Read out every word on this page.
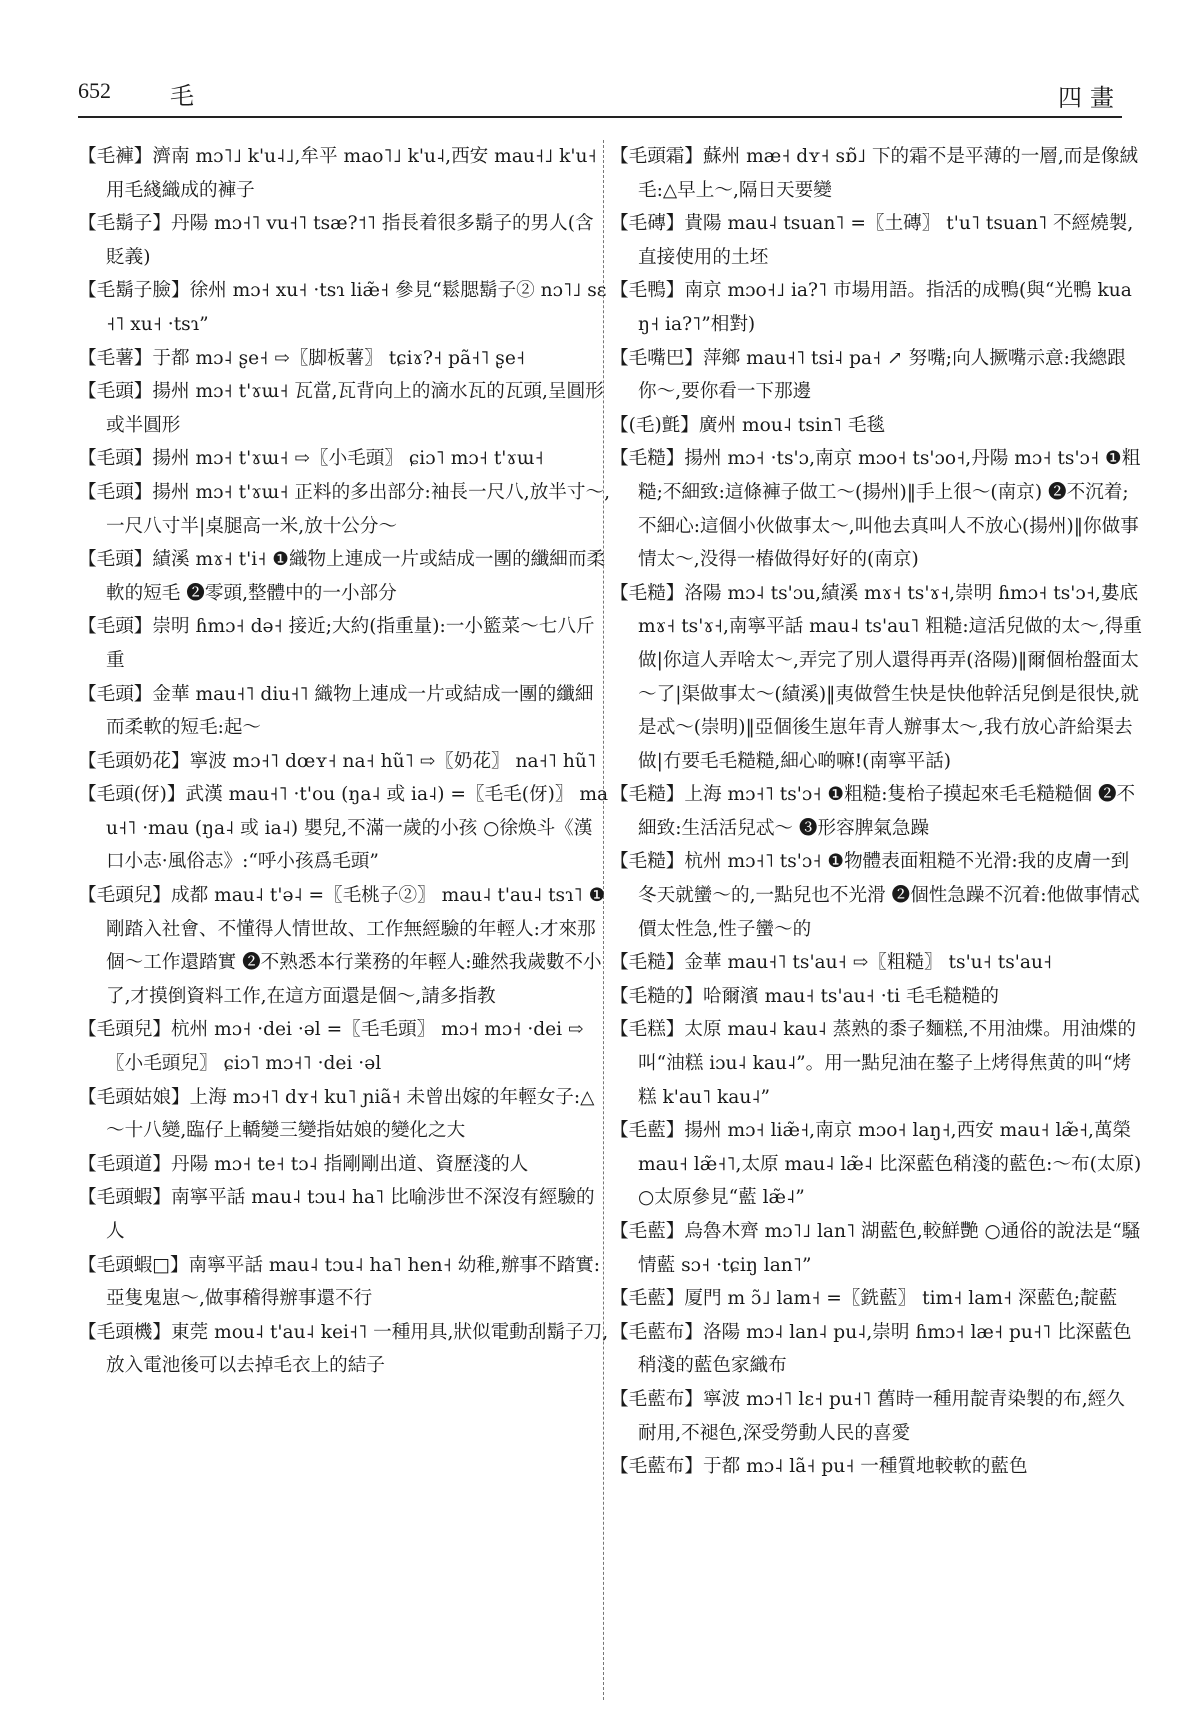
652 毛	四畫
【毛褲】濟南 mɔ˥˩ k'u˨˩,牟平 mao˥˩ k'u˨,西安 mau˧˩ k'u˧ 用毛綫織成的褲子
【毛鬍子】丹陽 mɔ˧˥ vu˧˥ tsæ?˦˥ 指長着很多鬍子的男人(含貶義)
【毛鬍子臉】徐州 mɔ˧ xu˧ ·tsɿ liæ̃˧ 參見“鬆腮鬍子② nɔ˥˩ sɛ˧˥ xu˧ ·tsɿ”
【毛薯】于都 mɔ˨ ʂe˧ ⇨〖脚板薯〗 tɕiɤ?˧ pã˧˥ ʂe˧
【毛頭】揚州 mɔ˧ t'ɤɯ˧ 瓦當,瓦背向上的滴水瓦的瓦頭,呈圓形或半圓形
【毛頭】揚州 mɔ˧ t'ɤɯ˧ ⇨〖小毛頭〗 ɕiɔ˥ mɔ˧ t'ɤɯ˧
【毛頭】揚州 mɔ˧ t'ɤɯ˧ 正料的多出部分:袖長一尺八,放半寸～,一尺八寸半|桌腿高一米,放十公分～
【毛頭】績溪 mɤ˧ t'i˧ ❶織物上連成一片或結成一團的纖細而柔軟的短毛 ❷零頭,整體中的一小部分
【毛頭】崇明 ɦmɔ˧ də˧ 接近;大約(指重量):一小籃菜～七八斤重
【毛頭】金華 mau˧˥ diu˧˥ 織物上連成一片或結成一團的纖細而柔軟的短毛:起～
【毛頭奶花】寧波 mɔ˧˥ dœʏ˧ na˧ hũ˥ ⇨〖奶花〗 na˧˥ hũ˥
【毛頭(伢)】武漢 mau˧˥ ·t'ou (ŋa˨ 或 ia˨) =〖毛毛(伢)〗 mau˧˥ ·mau (ŋa˨ 或 ia˨) 嬰兒,不滿一歲的小孩 ○徐焕斗《漢口小志·風俗志》:“呼小孩爲毛頭”
【毛頭兒】成都 mau˨ t'ə˨ =〖毛桃子②〗 mau˨ t'au˨ tsɿ˥ ❶剛踏入社會、不懂得人情世故、工作無經驗的年輕人:才來那個～工作還踏實 ❷不熟悉本行業務的年輕人:雖然我歲數不小了,才摸倒資料工作,在這方面還是個～,請多指教
【毛頭兒】杭州 mɔ˧ ·dei ·əl =〖毛毛頭〗 mɔ˧ mɔ˧ ·dei ⇨〖小毛頭兒〗 ɕiɔ˥ mɔ˧˥ ·dei ·əl
【毛頭姑娘】上海 mɔ˧˥ dʏ˧ ku˥ ɲiã˧ 未曾出嫁的年輕女子:△～十八變,臨仔上轎變三變指姑娘的變化之大
【毛頭道】丹陽 mɔ˧ te˧ tɔ˨ 指剛剛出道、資歷淺的人
【毛頭蝦】南寧平話 mau˨ tɔu˨ ha˥ 比喻涉世不深沒有經驗的人
【毛頭蝦□】南寧平話 mau˨ tɔu˨ ha˥ hen˧ 幼稚,辦事不踏實:亞隻鬼崽～,做事稽得辦事還不行
【毛頭機】東莞 mou˨ t'au˨ kei˧˥ 一種用具,狀似電動刮鬍子刀,放入電池後可以去掉毛衣上的結子
【毛頭霜】蘇州 mæ˧ dʏ˧ sɒ̃˩ 下的霜不是平薄的一層,而是像絨毛:△早上～,隔日天要變
【毛磚】貴陽 mau˨ tsuan˥ =〖土磚〗 t'u˥ tsuan˥ 不經燒製,直接使用的土坯
【毛鴨】南京 mɔo˧˩ ia?˥ 市場用語。指活的成鴨(與“光鴨 kuaŋ˧ ia?˥”相對)
【毛嘴巴】萍鄉 mau˧˥ tsi˨ pa˧ ↗ 努嘴;向人撅嘴示意:我總跟你～,要你看一下那邊
【(毛)氈】廣州 mou˨ tsin˥ 毛毯
【毛糙】揚州 mɔ˧ ·ts'ɔ,南京 mɔo˧ ts'ɔo˧,丹陽 mɔ˧ ts'ɔ˧ ❶粗糙;不細致:這條褲子做工～(揚州)‖手上很～(南京) ❷不沉着;不細心:這個小伙做事太～,叫他去真叫人不放心(揚州)‖你做事情太～,没得一樁做得好好的(南京)
【毛糙】洛陽 mɔ˨ ts'ɔu,績溪 mɤ˧ ts'ɤ˧,崇明 ɦmɔ˧ ts'ɔ˧,婁底 mɤ˧ ts'ɤ˧,南寧平話 mau˨ ts'au˥ 粗糙:這活兒做的太～,得重做|你這人弄啥太～,弄完了別人還得再弄(洛陽)‖爾個枱盤面太～了|渠做事太～(績溪)‖夷做營生快是快他幹活兒倒是很快,就是忒～(崇明)‖亞個後生崽年青人辦事太～,我冇放心許給渠去做|冇要毛毛糙糙,細心啲嘛!(南寧平話)
【毛糙】上海 mɔ˧˥ ts'ɔ˧ ❶粗糙:隻枱子摸起來毛毛糙糙個 ❷不細致:生活活兒忒～ ❸形容脾氣急躁
【毛糙】杭州 mɔ˧˥ ts'ɔ˧ ❶物體表面粗糙不光滑:我的皮膚一到冬天就蠻～的,一點兒也不光滑 ❷個性急躁不沉着:他做事情忒價太性急,性子蠻～的
【毛糙】金華 mau˧˥ ts'au˧ ⇨〖粗糙〗 ts'u˧ ts'au˧
【毛糙的】哈爾濱 mau˧ ts'au˧ ·ti 毛毛糙糙的
【毛糕】太原 mau˨ kau˨ 蒸熟的黍子麵糕,不用油煠。用油煠的叫“油糕 iɔu˨ kau˨”。用一點兒油在鏊子上烤得焦黄的叫“烤糕 k'au˥ kau˨”
【毛藍】揚州 mɔ˧ liæ̃˧,南京 mɔo˧ laŋ˧,西安 mau˧ læ̃˧,萬榮 mau˧ læ̃˧˥,太原 mau˨ læ̃˨ 比深藍色稍淺的藍色:～布(太原) ○太原參見“藍 læ̃˨”
【毛藍】烏魯木齊 mɔ˥˩ lan˥ 湖藍色,較鮮艷 ○通俗的說法是“騷情藍 sɔ˧ ·tɕiŋ lan˥”
【毛藍】厦門 m ɔ̃˩ lam˧ =〖銑藍〗 tim˧ lam˧ 深藍色;靛藍
【毛藍布】洛陽 mɔ˨ lan˨ pu˨,崇明 ɦmɔ˧ læ˧ pu˧˥ 比深藍色稍淺的藍色家織布
【毛藍布】寧波 mɔ˧˥ lɛ˧ pu˧˥ 舊時一種用靛青染製的布,經久耐用,不褪色,深受勞動人民的喜愛
【毛藍布】于都 mɔ˨ lã˧ pu˧ 一種質地較軟的藍色
